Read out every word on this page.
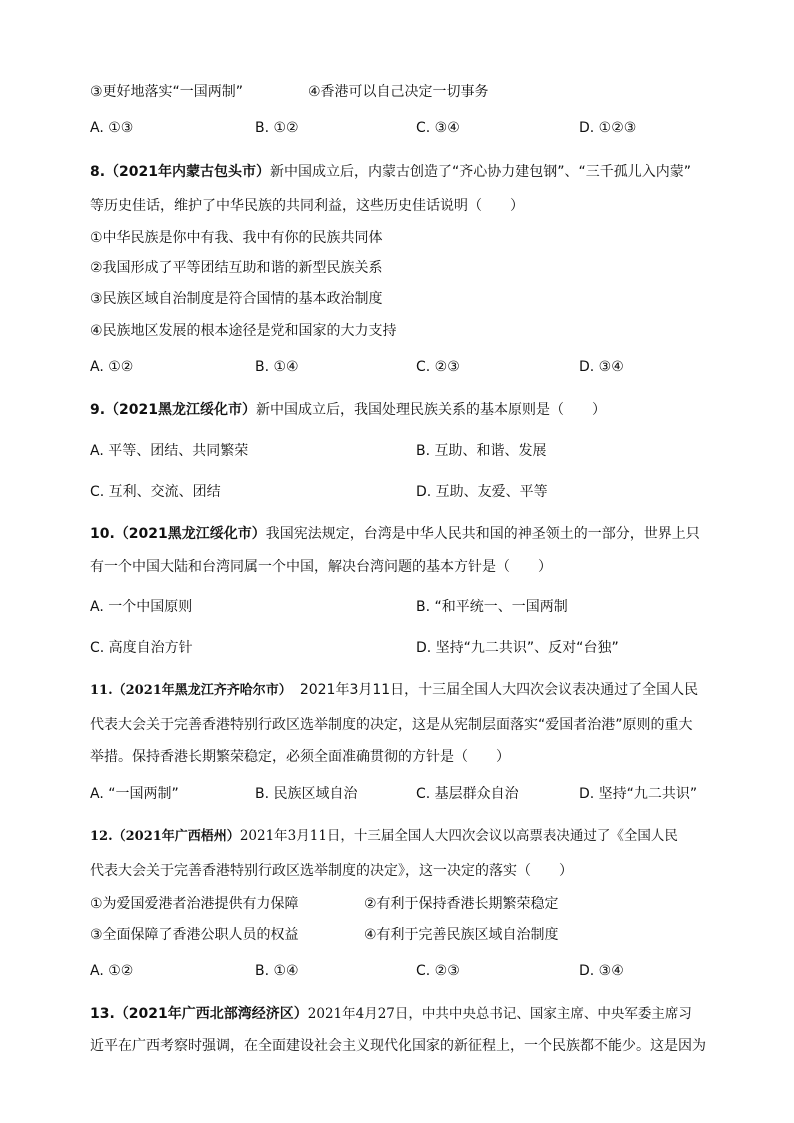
③更好地落实“一国两制”	④香港可以自己决定一切事务
A. ①③	B. ①②	C. ③④	D. ①②③
8.（2021年内蒙古包头市）新中国成立后，内蒙古创造了“齐心协力建包钢”、“三千孤儿入内蒙”
等历史佳话，维护了中华民族的共同利益，这些历史佳话说明（　　）
①中华民族是你中有我、我中有你的民族共同体
②我国形成了平等团结互助和谐的新型民族关系
③民族区域自治制度是符合国情的基本政治制度
④民族地区发展的根本途径是党和国家的大力支持
A. ①②	B. ①④	C. ②③	D. ③④
9.（2021黑龙江绥化市）新中国成立后，我国处理民族关系的基本原则是（　　）
A. 平等、团结、共同繁荣	B. 互助、和谐、发展
C. 互利、交流、团结	D. 互助、友爱、平等
10.（2021黑龙江绥化市）我国宪法规定，台湾是中华人民共和国的神圣领土的一部分，世界上只
有一个中国大陆和台湾同属一个中国，解决台湾问题的基本方针是（　　）
A. 一个中国原则	B. “和平统一、一国两制
C. 高度自治方针	D. 坚持“九二共识”、反对“台独”
11.（2021年黑龙江齐齐哈尔市） 2021年3月11日，十三届全国人大四次会议表决通过了全国人民
代表大会关于完善香港特别行政区选举制度的决定，这是从宪制层面落实“爱国者治港”原则的重大
举措。保持香港长期繁荣稳定，必须全面准确贯彻的方针是（　　）
A. “一国两制”	B. 民族区域自治	C. 基层群众自治	D. 坚持“九二共识”
12.（2021年广西梧州）2021年3月11日，十三届全国人大四次会议以高票表决通过了《全国人民
代表大会关于完善香港特别行政区选举制度的决定》，这一决定的落实（　　）
①为爱国爱港者治港提供有力保障	②有利于保持香港长期繁荣稳定
③全面保障了香港公职人员的权益	④有利于完善民族区域自治制度
A. ①②	B. ①④	C. ②③	D. ③④
13.（2021年广西北部湾经济区）2021年4月27日，中共中央总书记、国家主席、中央军委主席习
近平在广西考察时强调，在全面建设社会主义现代化国家的新征程上，一个民族都不能少。这是因为
